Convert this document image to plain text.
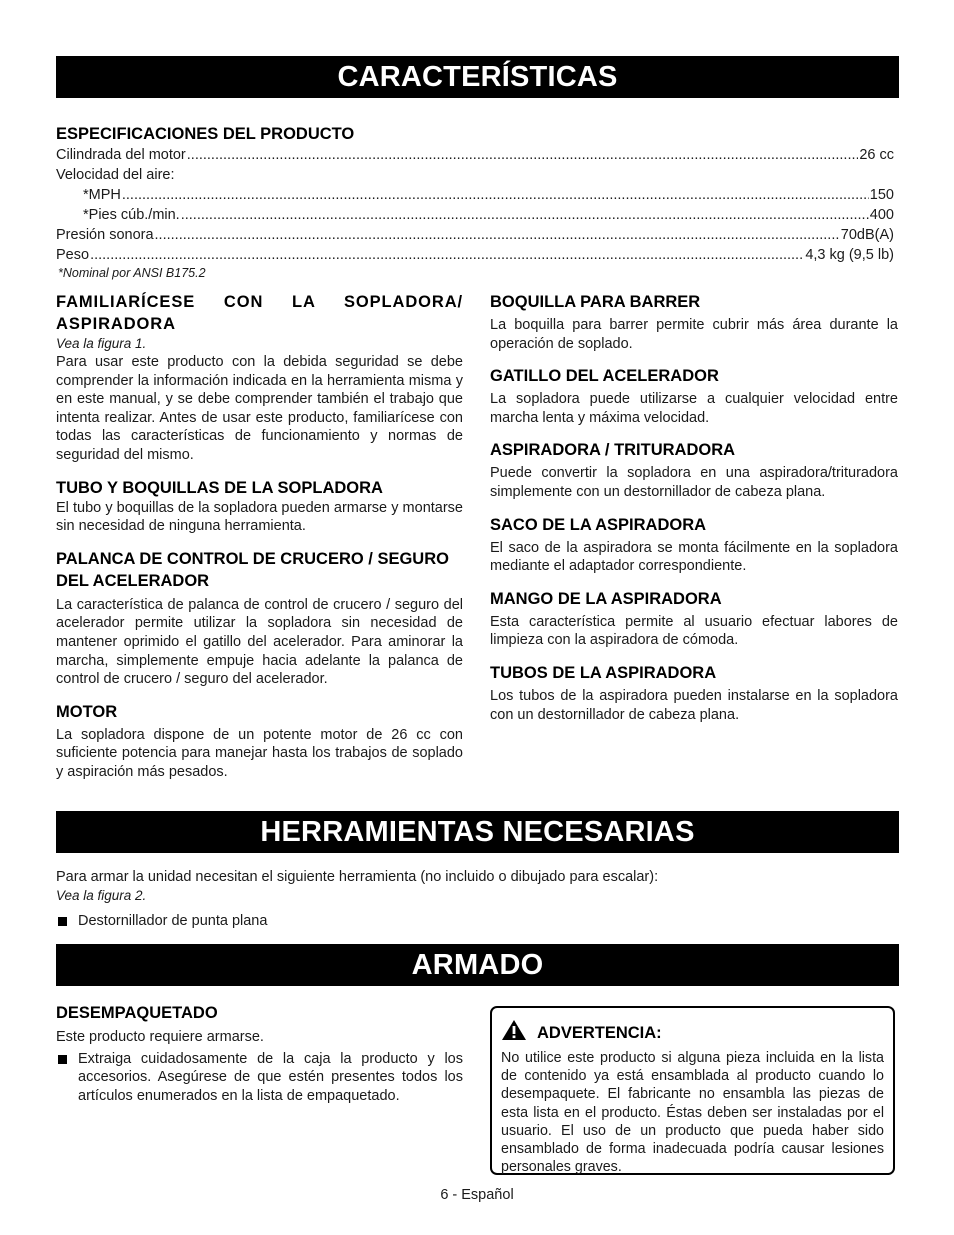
CARACTERÍSTICAS
ESPECIFICACIONES DEL PRODUCTO
Cilindrada del motor .....	26 cc
Velocidad del aire:
*MPH .....	150
*Pies cúb./min. .....	400
Presión sonora .....	70dB(A)
Peso .....	4,3 kg (9,5 lb)
*Nominal por ANSI B175.2
FAMILIARÍCESE CON LA SOPLADORA/ ASPIRADORA
Vea la figura 1.

Para usar este producto con la debida seguridad se debe comprender la información indicada en la herramienta misma y en este manual, y se debe comprender también el trabajo que intenta realizar. Antes de usar este producto, familiarícese con todas las características de funcionamiento y normas de seguridad del mismo.

TUBO Y BOQUILLAS DE LA SOPLADORA

El tubo y boquillas de la sopladora pueden armarse y montarse sin necesidad de ninguna herramienta.

PALANCA DE CONTROL DE CRUCERO / SEGURO DEL ACELERADOR

La característica de palanca de control de crucero / seguro del acelerador permite utilizar la sopladora sin necesidad de mantener oprimido el gatillo del acelerador. Para aminorar la marcha, simplemente empuje hacia adelante la palanca de control de crucero / seguro del acelerador.

MOTOR

La sopladora dispone de un potente motor de 26 cc con suficiente potencia para manejar hasta los trabajos de soplado y aspiración más pesados.

BOQUILLA PARA BARRER

La boquilla para barrer permite cubrir más área durante la operación de soplado.

GATILLO DEL ACELERADOR

La sopladora puede utilizarse a cualquier velocidad entre marcha lenta y máxima velocidad.

ASPIRADORA / TRITURADORA

Puede convertir la sopladora en una aspiradora/trituradora simplemente con un destornillador de cabeza plana.

SACO DE LA ASPIRADORA

El saco de la aspiradora se monta fácilmente en la sopladora mediante el adaptador correspondiente.

MANGO DE LA ASPIRADORA

Esta característica permite al usuario efectuar labores de limpieza con la aspiradora de cómoda.

TUBOS DE LA ASPIRADORA

Los tubos de la aspiradora pueden instalarse en la sopladora con un destornillador de cabeza plana.

HERRAMIENTAS NECESARIAS

Para armar la unidad necesitan el siguiente herramienta (no incluido o dibujado para escalar):

Vea la figura 2.
Destornillador de punta plana
ARMADO
DESEMPAQUETADO

Este producto requiere armarse.

Extraiga cuidadosamente de la caja la producto y los accesorios. Asegúrese de que estén presentes todos los artículos enumerados en la lista de empaquetado.
ADVERTENCIA:

No utilice este producto si alguna pieza incluida en la lista de contenido ya está ensamblada al producto cuando lo desempaquete. El fabricante no ensambla las piezas de esta lista en el producto. Éstas deben ser instaladas por el usuario. El uso de un producto que pueda haber sido ensamblado de forma inadecuada podría causar lesiones personales graves.

6 - Español
